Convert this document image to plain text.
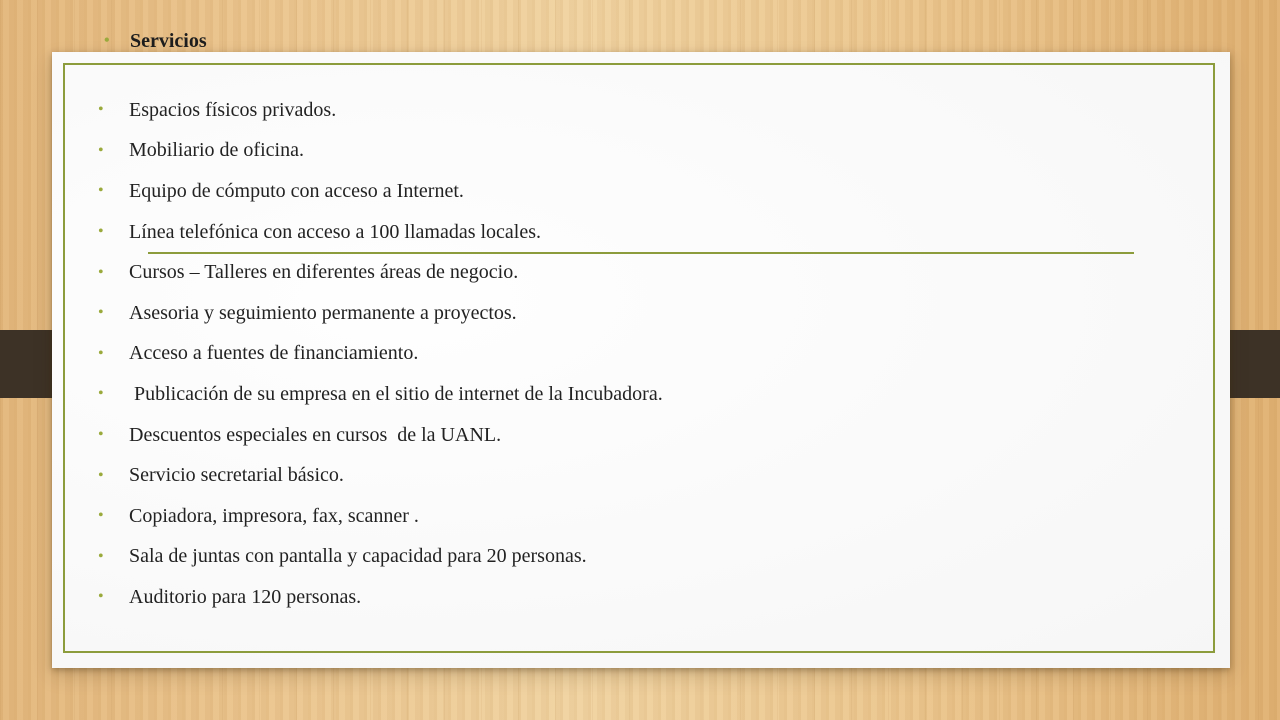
•	Servicios
•	Espacios físicos privados.
•	Mobiliario de oficina.
•	Equipo de cómputo con acceso a Internet.
•	Línea telefónica con acceso a 100 llamadas locales.
•	Cursos – Talleres en diferentes áreas de negocio.
•	Asesoria y seguimiento permanente a proyectos.
•	Acceso a fuentes de financiamiento.
•	Publicación de su empresa en el sitio de internet de la Incubadora.
•	Descuentos especiales en cursos  de la UANL.
•	Servicio secretarial básico.
•	Copiadora, impresora, fax, scanner .
•	Sala de juntas con pantalla y capacidad para 20 personas.
•	Auditorio para 120 personas.
